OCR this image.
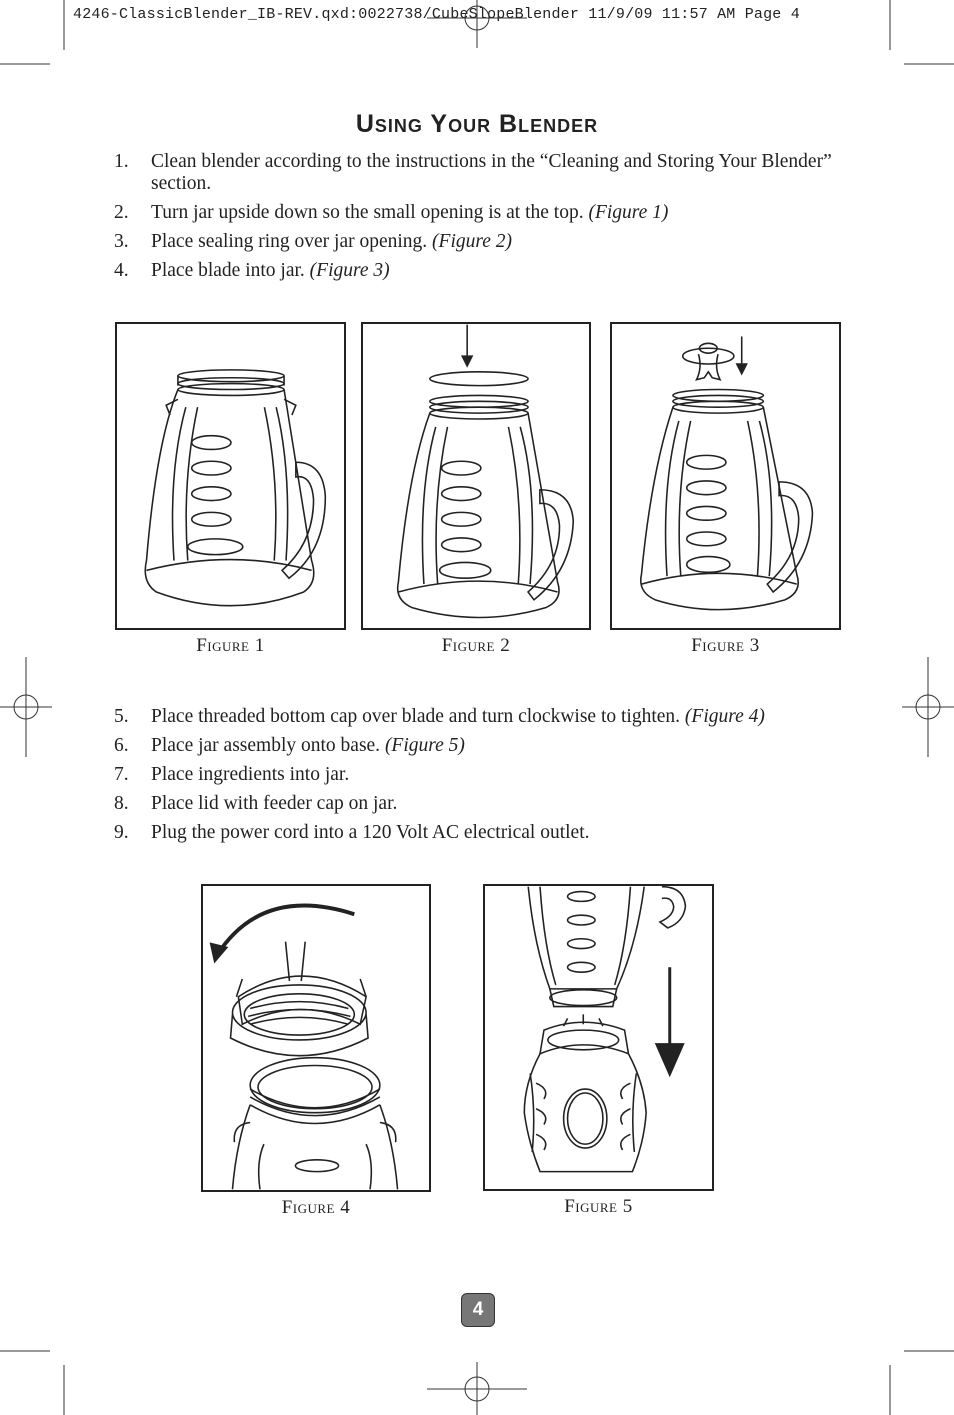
4246-ClassicBlender_IB-REV.qxd:0022738/CubeSlopeBlender 11/9/09 11:57 AM Page 4
Using Your Blender
1. Clean blender according to the instructions in the “Cleaning and Storing Your Blender” section.
2. Turn jar upside down so the small opening is at the top. (Figure 1)
3. Place sealing ring over jar opening. (Figure 2)
4. Place blade into jar. (Figure 3)
Figure 1	Figure 2	Figure 3
5. Place threaded bottom cap over blade and turn clockwise to tighten. (Figure 4)
6. Place jar assembly onto base. (Figure 5)
7. Place ingredients into jar.
8. Place lid with feeder cap on jar.
9. Plug the power cord into a 120 Volt AC electrical outlet.
Figure 4	Figure 5
4
